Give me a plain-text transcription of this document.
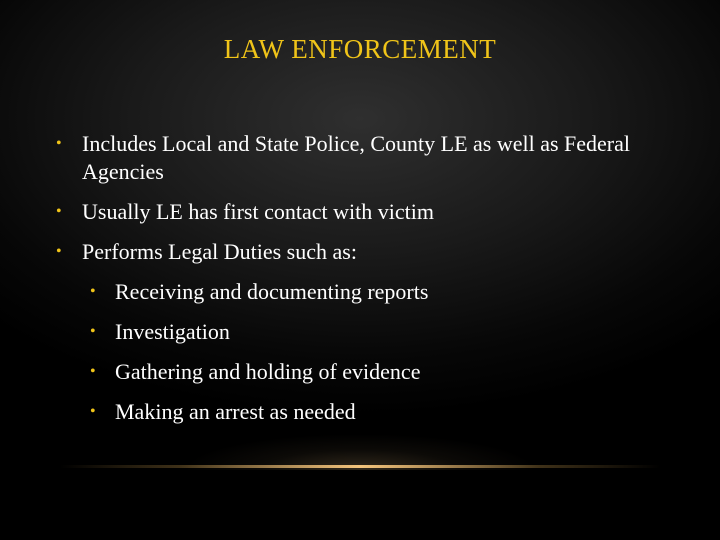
LAW ENFORCEMENT
• Includes Local and State Police, County LE as well as Federal Agencies
• Usually LE has first contact with victim
• Performs Legal Duties such as:
• Receiving and documenting reports
• Investigation
• Gathering and holding of evidence
• Making an arrest as needed
